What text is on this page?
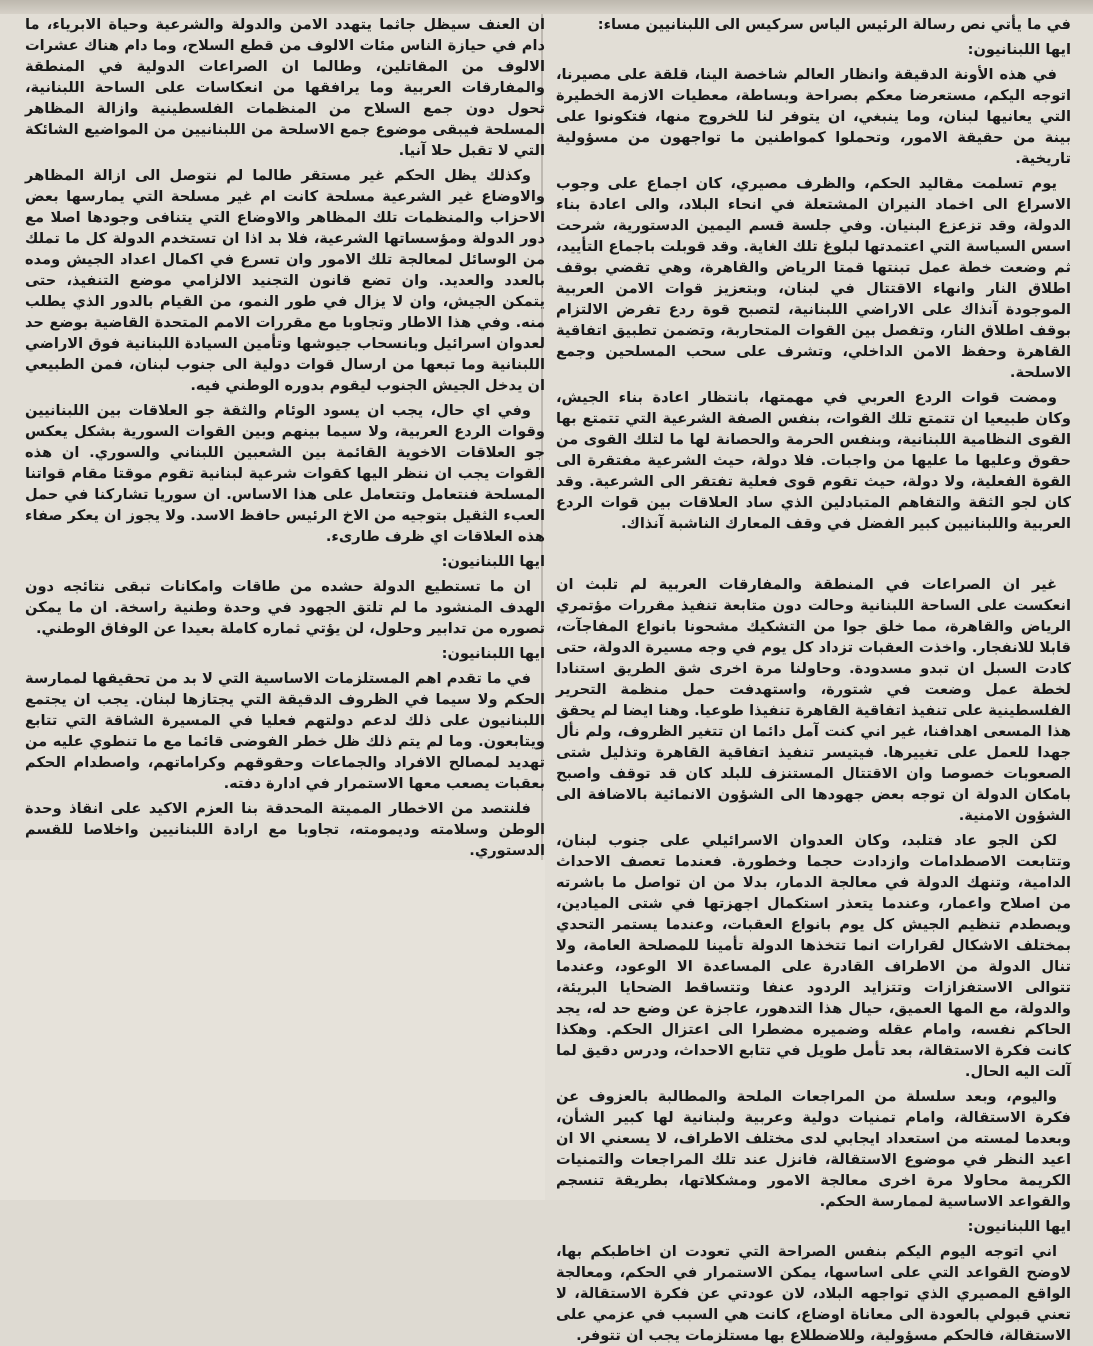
في ما يأتي نص رسالة الرئيس الياس سركيس الى اللبنانيين مساء:

ايها اللبنانيون:

في هذه الأونة الدقيقة وانظار العالم شاخصة الينا، قلقة على مصيرنا، اتوجه اليكم، مستعرضا معكم بصراحة وبساطة، معطيات الازمة الخطيرة التي يعانيها لبنان، وما ينبغي، ان يتوفر لنا للخروج منها، فتكونوا على بينة من حقيقة الامور، وتحملوا كمواطنين ما تواجهون من مسؤولية تاريخية.

يوم تسلمت مقاليد الحكم، والظرف مصيري، كان اجماع على وجوب الاسراع الى اخماد النيران المشتعلة في انحاء البلاد، والى اعادة بناء الدولة، وقد تزعزع البنيان. وفي جلسة قسم اليمين الدستورية، شرحت اسس السياسة التي اعتمدتها لبلوغ تلك الغاية. وقد قوبلت باجماع التأييد، ثم وضعت خطة عمل تبنتها قمتا الرياض والقاهرة، وهي تقضي بوقف اطلاق النار وانهاء الاقتتال في لبنان، وبتعزيز قوات الامن العربية الموجودة آنذاك على الاراضي اللبنانية، لتصبح قوة ردع تفرض الالتزام بوقف اطلاق النار، وتفصل بين القوات المتحاربة، وتضمن تطبيق اتفاقية القاهرة وحفظ الامن الداخلي، وتشرف على سحب المسلحين وجمع الاسلحة.

ومضت قوات الردع العربي في مهمتها، بانتظار اعادة بناء الجيش، وكان طبيعيا ان تتمتع تلك القوات، بنفس الصفة الشرعية التي تتمتع بها القوى النظامية اللبنانية، وبنفس الحرمة والحصانة لها ما لتلك القوى من حقوق وعليها ما عليها من واجبات. فلا دولة، حيث الشرعية مفتقرة الى القوة الفعلية، ولا دولة، حيث تقوم قوى فعلية تفتقر الى الشرعية. وقد كان لجو الثقة والتفاهم المتبادلين الذي ساد العلاقات بين قوات الردع العربية واللبنانيين كبير الفضل في وقف المعارك الناشبة آنذاك.

غير ان الصراعات في المنطقة والمفارقات العربية لم تلبث ان انعكست على الساحة اللبنانية وحالت دون متابعة تنفيذ مقررات مؤتمري الرياض والقاهرة، مما خلق جوا من التشكيك مشحونا بانواع المفاجآت، قابلا للانفجار. واخذت العقبات تزداد كل يوم في وجه مسيرة الدولة، حتى كادت السبل ان تبدو مسدودة. وحاولنا مرة اخرى شق الطريق استنادا لخطة عمل وضعت في شتورة، واستهدفت حمل منظمة التحرير الفلسطينية على تنفيذ اتفاقية القاهرة تنفيذا طوعيا. وهنا ايضا لم يحقق هذا المسعى اهدافنا، غير اني كنت آمل دائما ان تتغير الظروف، ولم نأل جهدا للعمل على تغييرها. فيتيسر تنفيذ اتفاقية القاهرة وتذليل شتى الصعوبات خصوصا وان الاقتتال المستنزف للبلد كان قد توقف واصبح بامكان الدولة ان توجه بعض جهودها الى الشؤون الانمائية بالاضافة الى الشؤون الامنية.

لكن الجو عاد فتلبد، وكان العدوان الاسرائيلي على جنوب لبنان، وتتابعت الاصطدامات وازدادت حجما وخطورة. فعندما تعصف الاحداث الدامية، وتنهك الدولة في معالجة الدمار، بدلا من ان تواصل ما باشرته من اصلاح واعمار، وعندما يتعذر استكمال اجهزتها في شتى الميادين، ويصطدم تنظيم الجيش كل يوم بانواع العقبات، وعندما يستمر التحدي بمختلف الاشكال لقرارات انما تتخذها الدولة تأمينا للمصلحة العامة، ولا تنال الدولة من الاطراف القادرة على المساعدة الا الوعود، وعندما تتوالى الاستفزازات وتتزايد الردود عنفا وتتساقط الضحايا البريئة، والدولة، مع المها العميق، حيال هذا التدهور، عاجزة عن وضع حد له، يجد الحاكم نفسه، وامام عقله وضميره مضطرا الى اعتزال الحكم. وهكذا كانت فكرة الاستقالة، بعد تأمل طويل في تتابع الاحداث، ودرس دقيق لما آلت اليه الحال.

واليوم، وبعد سلسلة من المراجعات الملحة والمطالبة بالعزوف عن فكرة الاستقالة، وامام تمنيات دولية وعربية ولبنانية لها كبير الشأن، وبعدما لمسته من استعداد ايجابي لدى مختلف الاطراف، لا يسعني الا ان اعيد النظر في موضوع الاستقالة، فانزل عند تلك المراجعات والتمنيات الكريمة محاولا مرة اخرى معالجة الامور ومشكلاتها، بطريقة تنسجم والقواعد الاساسية لممارسة الحكم.

ايها اللبنانيون:

اني اتوجه اليوم اليكم بنفس الصراحة التي تعودت ان اخاطبكم بها، لاوضح القواعد التي على اساسها، يمكن الاستمرار في الحكم، ومعالجة الواقع المصيري الذي تواجهه البلاد، لان عودتي عن فكرة الاستقالة، لا تعني قبولي بالعودة الى معاناة اوضاع، كانت هي السبب في عزمي على الاستقالة، فالحكم مسؤولية، وللاضطلاع بها مستلزمات يجب ان تتوفر.

ان العنف سيظل جاثما يتهدد الامن والدولة والشرعية وحياة الابرياء، ما دام في حيازة الناس مئات الالوف من قطع السلاح، وما دام هناك عشرات الالوف من المقاتلين، وطالما ان الصراعات الدولية في المنطقة والمفارقات العربية وما يرافقها من انعكاسات على الساحة اللبنانية، تحول دون جمع السلاح من المنظمات الفلسطينية وازالة المظاهر المسلحة فيبقى موضوع جمع الاسلحة من اللبنانيين من المواضيع الشائكة التي لا تقبل حلا آنيا.

وكذلك يظل الحكم غير مستقر طالما لم نتوصل الى ازالة المظاهر والاوضاع غير الشرعية مسلحة كانت ام غير مسلحة التي يمارسها بعض الاحزاب والمنظمات تلك المظاهر والاوضاع التي يتنافى وجودها اصلا مع دور الدولة ومؤسساتها الشرعية، فلا بد اذا ان تستخدم الدولة كل ما تملك من الوسائل لمعالجة تلك الامور وان تسرع في اكمال اعداد الجيش ومده بالعدد والعديد. وان تضع قانون التجنيد الالزامي موضع التنفيذ، حتى يتمكن الجيش، وان لا يزال في طور النمو، من القيام بالدور الذي يطلب منه. وفي هذا الاطار وتجاوبا مع مقررات الامم المتحدة القاضية بوضع حد لعدوان اسرائيل وبانسحاب جيوشها وتأمين السيادة اللبنانية فوق الاراضي اللبنانية وما تبعها من ارسال قوات دولية الى جنوب لبنان، فمن الطبيعي ان يدخل الجيش الجنوب ليقوم بدوره الوطني فيه.

وفي اي حال، يجب ان يسود الوئام والثقة جو العلاقات بين اللبنانيين وقوات الردع العربية، ولا سيما بينهم وبين القوات السورية بشكل يعكس جو العلاقات الاخوية القائمة بين الشعبين اللبناني والسوري. ان هذه القوات يجب ان ننظر اليها كقوات شرعية لبنانية تقوم موقتا مقام قواتنا المسلحة فنتعامل وتتعامل على هذا الاساس. ان سوريا تشاركنا في حمل العبء الثقيل بتوجيه من الاخ الرئيس حافظ الاسد. ولا يجوز ان يعكر صفاء هذه العلاقات اي ظرف طارىء.

ايها اللبنانيون:

ان ما تستطيع الدولة حشده من طاقات وامكانات تبقى نتائجه دون الهدف المنشود ما لم تلتق الجهود في وحدة وطنية راسخة. ان ما يمكن تصوره من تدابير وحلول، لن يؤتي ثماره كاملة بعيدا عن الوفاق الوطني.

ايها اللبنانيون:

في ما تقدم اهم المستلزمات الاساسية التي لا بد من تحقيقها لممارسة الحكم ولا سيما في الظروف الدقيقة التي يجتازها لبنان. يجب ان يجتمع اللبنانيون على ذلك لدعم دولتهم فعليا في المسيرة الشاقة التي تتابع ويتابعون. وما لم يتم ذلك ظل خطر الفوضى قائما مع ما تنطوي عليه من تهديد لمصالح الافراد والجماعات وحقوقهم وكراماتهم، واصطدام الحكم بعقبات يصعب معها الاستمرار في ادارة دفته.

فلنتصد من الاخطار المميتة المحدقة بنا العزم الاكيد على انقاذ وحدة الوطن وسلامته وديمومته، تجاوبا مع ارادة اللبنانيين واخلاصا للقسم الدستوري.
